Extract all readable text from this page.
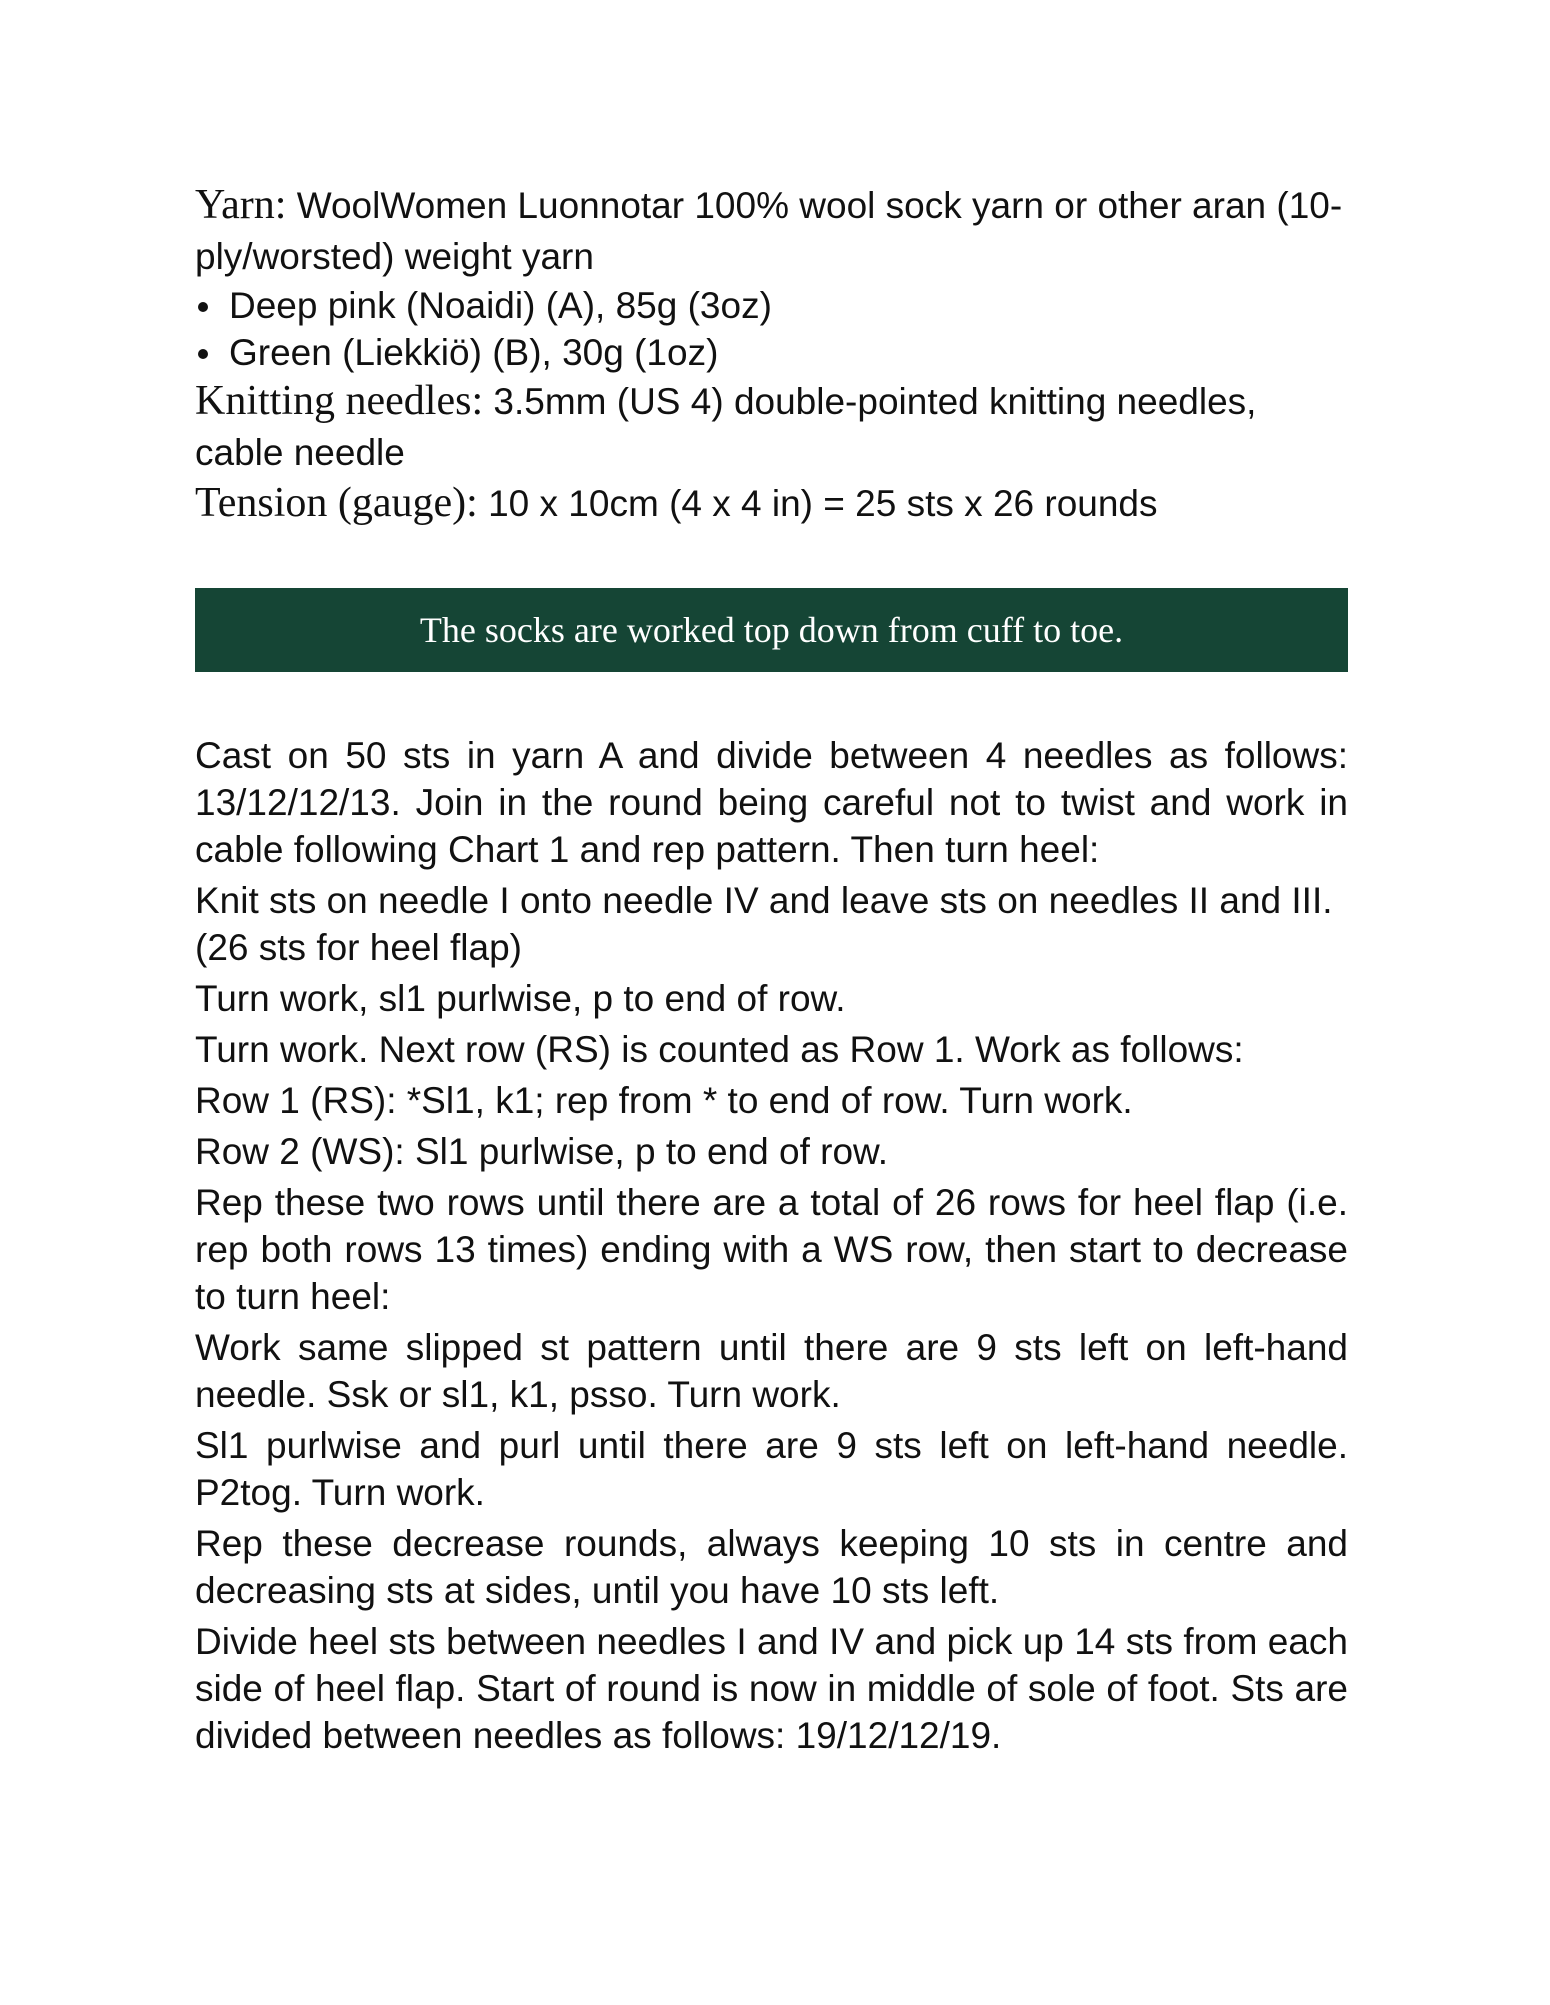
Yarn: WoolWomen Luonnotar 100% wool sock yarn or other aran (10-ply/worsted) weight yarn

Deep pink (Noaidi) (A), 85g (3oz)
Green (Liekkiö) (B), 30g (1oz)

Knitting needles: 3.5mm (US 4) double-pointed knitting needles, cable needle

Tension (gauge): 10 x 10cm (4 x 4 in) = 25 sts x 26 rounds

The socks are worked top down from cuff to toe.

Cast on 50 sts in yarn A and divide between 4 needles as follows: 13/12/12/13. Join in the round being careful not to twist and work in cable following Chart 1 and rep pattern. Then turn heel:

Knit sts on needle I onto needle IV and leave sts on needles II and III. (26 sts for heel flap)

Turn work, sl1 purlwise, p to end of row.

Turn work. Next row (RS) is counted as Row 1. Work as follows:

Row 1 (RS): *Sl1, k1; rep from * to end of row. Turn work.

Row 2 (WS): Sl1 purlwise, p to end of row.

Rep these two rows until there are a total of 26 rows for heel flap (i.e. rep both rows 13 times) ending with a WS row, then start to decrease to turn heel:

Work same slipped st pattern until there are 9 sts left on left-hand needle. Ssk or sl1, k1, psso. Turn work.

Sl1 purlwise and purl until there are 9 sts left on left-hand needle. P2tog. Turn work.

Rep these decrease rounds, always keeping 10 sts in centre and decreasing sts at sides, until you have 10 sts left.

Divide heel sts between needles I and IV and pick up 14 sts from each side of heel flap. Start of round is now in middle of sole of foot. Sts are divided between needles as follows: 19/12/12/19.
